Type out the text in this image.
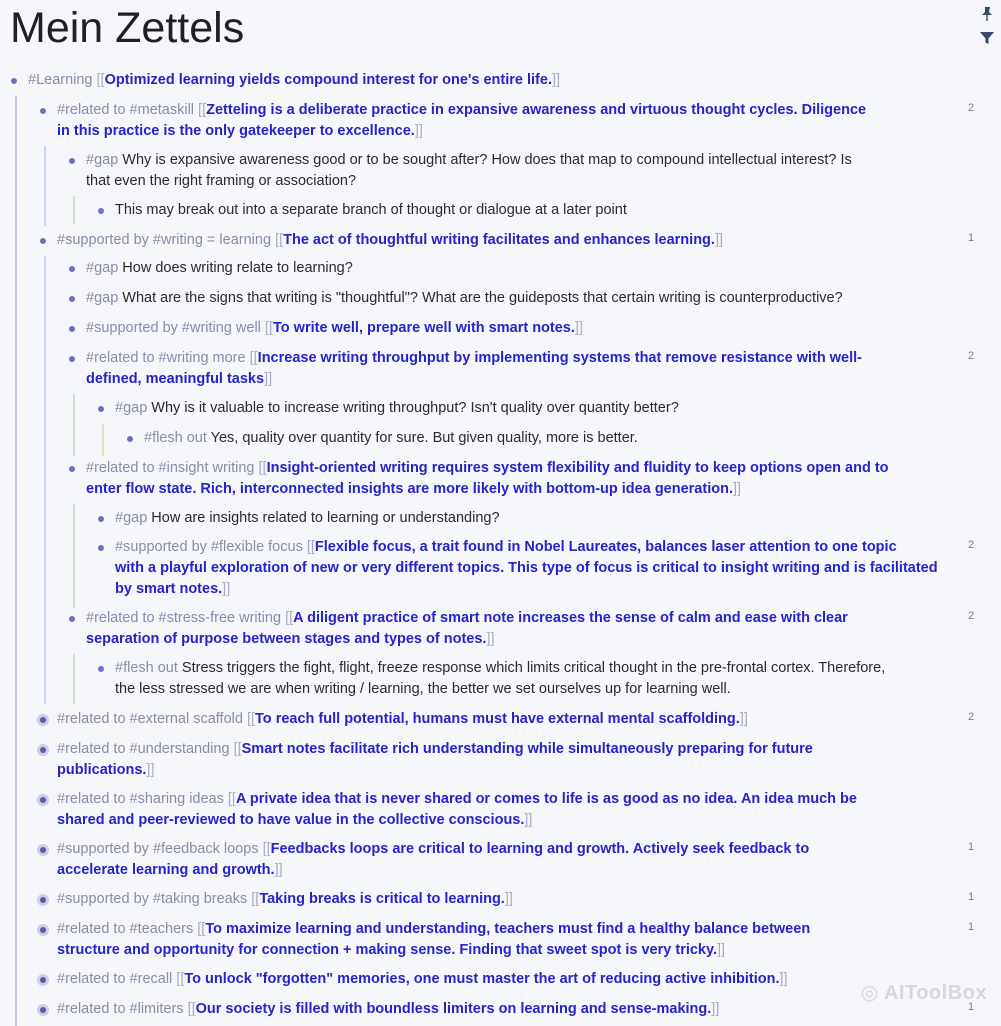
Mein Zettels
#Learning [[Optimized learning yields compound interest for one's entire life.]]
#related to #metaskill [[Zetteling is a deliberate practice in expansive awareness and virtuous thought cycles. Diligence
in this practice is the only gatekeeper to excellence.]]
2
#gap Why is expansive awareness good or to be sought after? How does that map to compound intellectual interest? Is
that even the right framing or association?
This may break out into a separate branch of thought or dialogue at a later point
#supported by #writing = learning [[The act of thoughtful writing facilitates and enhances learning.]]	1
#gap How does writing relate to learning?
#gap What are the signs that writing is "thoughtful"? What are the guideposts that certain writing is counterproductive?
#supported by #writing well [[To write well, prepare well with smart notes.]]
#related to #writing more [[Increase writing throughput by implementing systems that remove resistance with well-
defined, meaningful tasks]]
2
#gap Why is it valuable to increase writing throughput? Isn't quality over quantity better?
#flesh out Yes, quality over quantity for sure. But given quality, more is better.
#related to #insight writing [[Insight-oriented writing requires system flexibility and fluidity to keep options open and to
enter flow state. Rich, interconnected insights are more likely with bottom-up idea generation.]]
#gap How are insights related to learning or understanding?
#supported by #flexible focus [[Flexible focus, a trait found in Nobel Laureates, balances laser attention to one topic
with a playful exploration of new or very different topics. This type of focus is critical to insight writing and is facilitated
by smart notes.]]
2
#related to #stress-free writing [[A diligent practice of smart note increases the sense of calm and ease with clear
separation of purpose between stages and types of notes.]]
2
#flesh out Stress triggers the fight, flight, freeze response which limits critical thought in the pre-frontal cortex. Therefore,
the less stressed we are when writing / learning, the better we set ourselves up for learning well.
#related to #external scaffold [[To reach full potential, humans must have external mental scaffolding.]]	2
#related to #understanding [[Smart notes facilitate rich understanding while simultaneously preparing for future
publications.]]
#related to #sharing ideas [[A private idea that is never shared or comes to life is as good as no idea. An idea much be
shared and peer-reviewed to have value in the collective conscious.]]
#supported by #feedback loops [[Feedbacks loops are critical to learning and growth. Actively seek feedback to
accelerate learning and growth.]]
1
#supported by #taking breaks [[Taking breaks is critical to learning.]]	1
#related to #teachers [[To maximize learning and understanding, teachers must find a healthy balance between
structure and opportunity for connection + making sense. Finding that sweet spot is very tricky.]]
1
#related to #recall [[To unlock "forgotten" memories, one must master the art of reducing active inhibition.]]
#related to #limiters [[Our society is filled with boundless limiters on learning and sense-making.]]	1
◎ AIToolBox
